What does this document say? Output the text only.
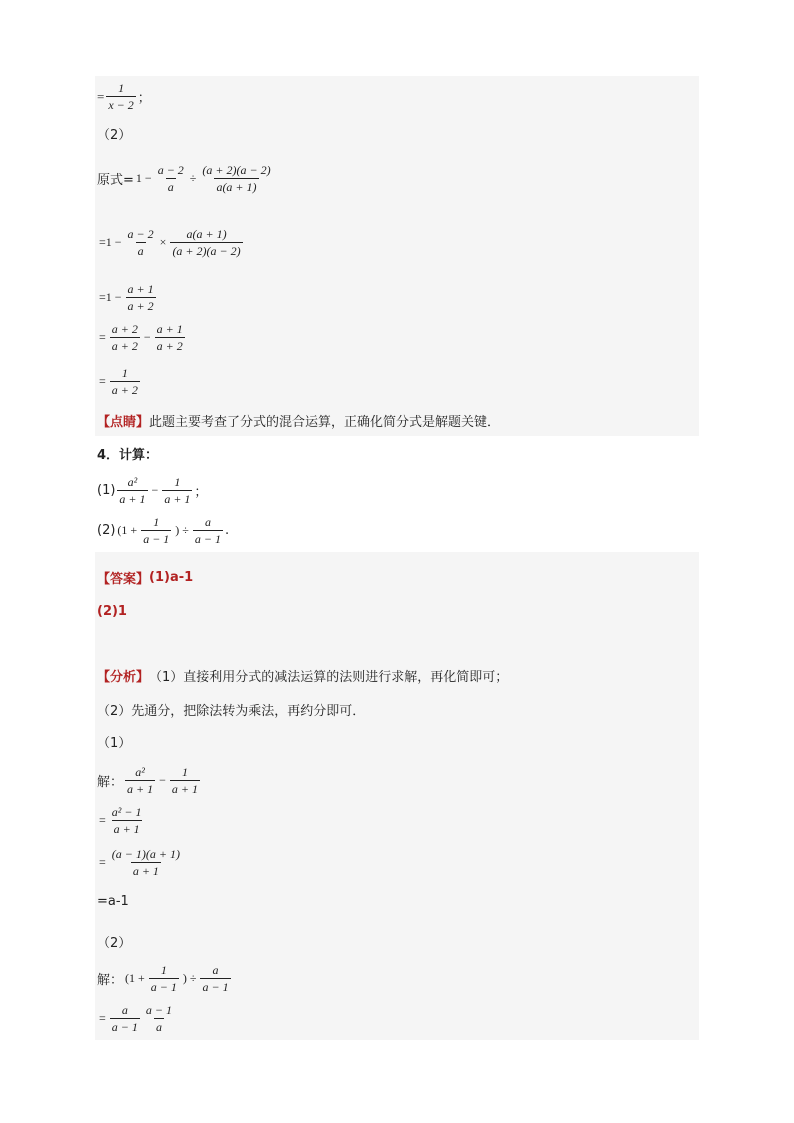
= $\frac{1}{x - 2}$ ；
（2）
原式= $1 - \frac{a - 2}{a} \div \frac{(a + 2)(a - 2)}{a(a + 1)}$
$=1 - \frac{a - 2}{a} \times \frac{a(a + 1)}{(a + 2)(a - 2)}$
$=1 - \frac{a + 1}{a + 2}$
= $\frac{a + 2}{a + 2} - \frac{a + 1}{a + 2}$
= $\frac{1}{a + 2}$
【点睛】 此题主要考查了分式的混合运算，正确化简分式是解题关键．
4．计算：
$(1) \frac{\text{a²}}{a + 1} - \frac{1}{a + 1}$ ；
(2) ($1 + \frac{1}{a - 1}$ ) ÷ $\frac{a}{a - 1}$ .
【答案】 (1)a-1
(2)1
【分析】 （1）直接利用分式的减法运算的法则进行求解，再化简即可；
（2）先通分，把除法转为乘法，再约分即可．
（1）
解： $\frac{\text{a²}}{a + 1} - \frac{1}{a + 1}$
= $\frac{\text{a² − 1}}{a + 1}$
= $\frac{(a - 1)(a + 1)}{a + 1}$
=a-1
（2）
解： ($1 + \frac{1}{a - 1}$ ) ÷ $\frac{a}{a - 1}$
= $\frac{a}{a - 1} \frac{a - 1}{a}$
